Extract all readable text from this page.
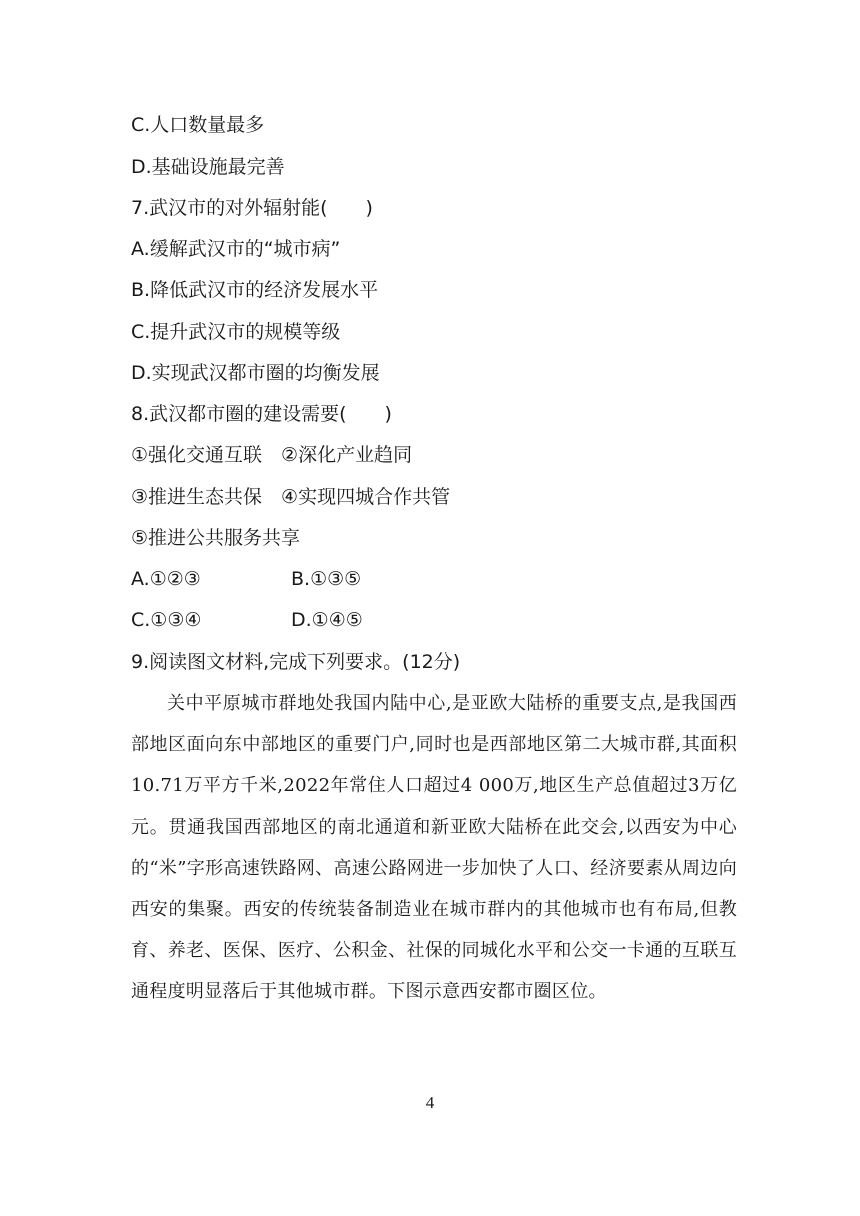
C.人口数量最多
D.基础设施最完善
7.武汉市的对外辐射能(　　)
A.缓解武汉市的“城市病”
B.降低武汉市的经济发展水平
C.提升武汉市的规模等级
D.实现武汉都市圈的均衡发展
8.武汉都市圈的建设需要(　　)
①强化交通互联　②深化产业趋同
③推进生态共保　④实现四城合作共管
⑤推进公共服务共享
A.①②③	B.①③⑤
C.①③④	D.①④⑤
9.阅读图文材料,完成下列要求。(12分)
关中平原城市群地处我国内陆中心,是亚欧大陆桥的重要支点,是我国西部地区面向东中部地区的重要门户,同时也是西部地区第二大城市群,其面积10.71万平方千米,2022年常住人口超过4 000万,地区生产总值超过3万亿元。贯通我国西部地区的南北通道和新亚欧大陆桥在此交会,以西安为中心的“米”字形高速铁路网、高速公路网进一步加快了人口、经济要素从周边向西安的集聚。西安的传统装备制造业在城市群内的其他城市也有布局,但教育、养老、医保、医疗、公积金、社保的同城化水平和公交一卡通的互联互通程度明显落后于其他城市群。下图示意西安都市圈区位。
4
